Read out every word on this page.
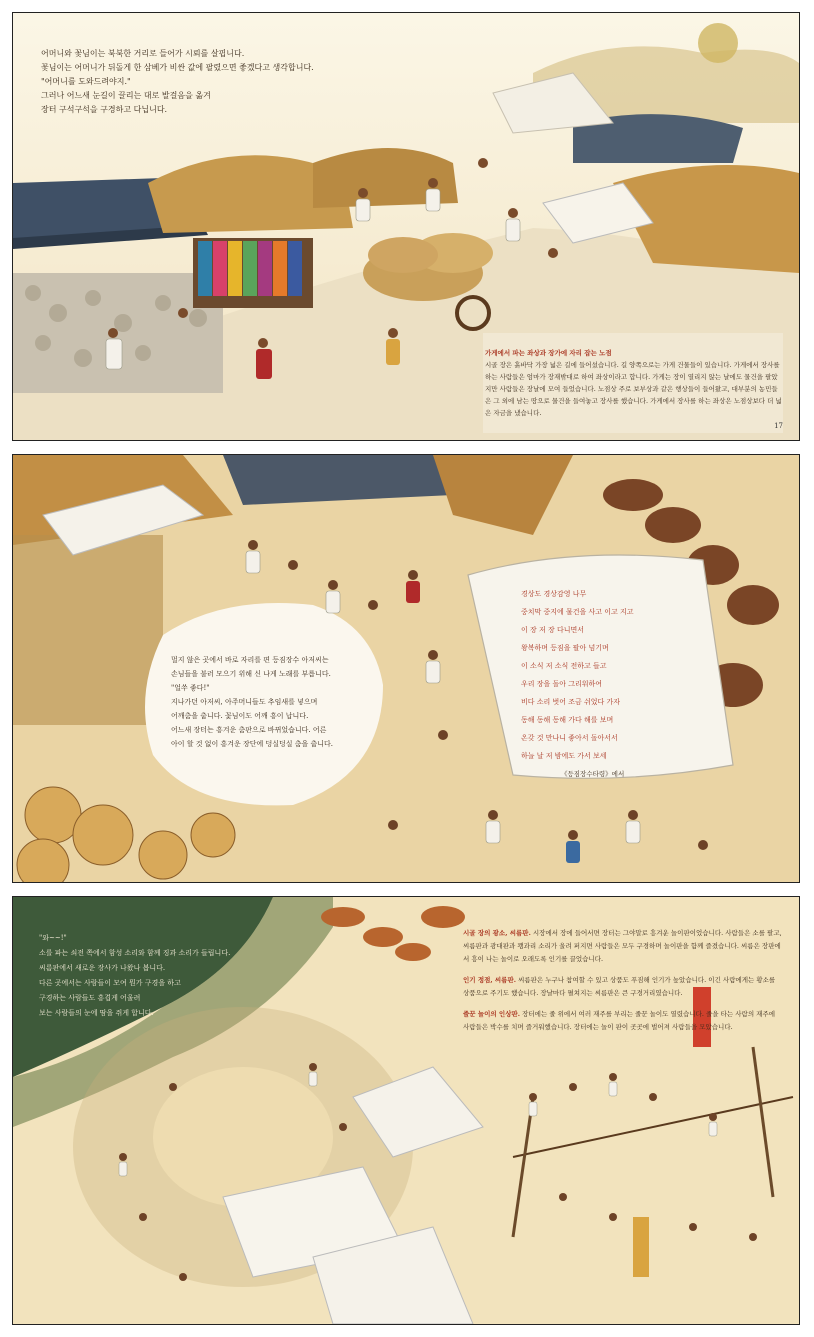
어머니와 꽃님이는 북북한 거리로 들어가 시뢰를 살핍니다.
꽃님이는 어머니가 뒤돌게 한 삼베가 비싼 값에 팔렸으면 좋겠다고 생각합니다.
"어머니를 도와드려야지."
그러나 어느새 눈길이 끌리는 대로 발걸음을 옮겨
장터 구석구석을 구경하고 다닙니다.

가게에서 파는 좌상과 장가에 자리 잡는 노점
시골 장은 흙바닥 가장 넓은 길에 들어섰습니다. 길 양쪽으로는 가게 건물들이 있습니다. 가게에서 장사를 하는 사람들은 엄마가 장재밖대로 하여 좌상이라고 합니다. 가게는 장이 열리지 않는 날에도 물건을 팔았지만 사람들은 장날에 모여 들었습니다. 노점상 주로 보부상과 같은 행상들이 들어왔고, 대부분의 농민들은 그 외에 남는 땅으로 물건을 들여놓고 장사를 했습니다. 가게에서 장사를 하는 좌상은 노점상보다 더 넓은 자금을 냈습니다.

17
멀지 않은 곳에서 바로 자리를 편 등짐장수 아저씨는
손님들을 불러 모으기 위해 신 나게 노래를 부릅니다.
"얼쑤 좋다!"
지나가던 아저씨, 아주머니들도 추임새를 넣으며
어깨춤을 춥니다. 꽃님이도 어깨 흥이 납니다.
어느새 장터는 흥겨운 춤판으로 바뀌었습니다. 어른
아이 할 것 없이 흥겨운 장단에 덩실덩실 춤을 춥니다.
경상도 경상감영 나무
중치막 중지에 물건을 사고 이고 지고
이 장 저 장 다니면서
왕복하며 등짐을 팔아 넘기며
이 소식 저 소식 전하고 들고
우리 장을 돌아 그리워하여
비다 소리 벗어 조금 쉬었다 가자
동해 동해 동해 가다 해를 보며
온갖 것 만나니 좋아서 돌아서서
하늘 날 저 밤에도 가서 보세
《등짐장수타령》에서
"와~~!"
소를 파는 쇠전 쪽에서 함성 소리와 함께 징과 소리가 들립니다.
씨름판에서 새로운 장사가 나왔나 봅니다.
다른 곳에서는 사람들이 모여 뭔가 구경을 하고
구경하는 사람들도 흥겹게 어울려
보는 사람들의 눈에 땀을 쥐게 합니다.
시골 장의 광소, 씨름판. 시장에서 장에 들어서면 장터는 그야말로 흥겨운 놀이판이었습니다. 사람들은 소를 팔고, 씨름판과 광대판과 꽹과리 소리가 울려 퍼지면 사람들은 모두 구경하며 놀이판을 함께 즐겼습니다. 씨름은 장판에서 흥이 나는 놀이로 오래도록 인기를 끌었습니다.
인기 정점, 씨름판. 씨름판은 누구나 참여할 수 있고 상품도 푸짐해 인기가 높았습니다. 이긴 사람에게는 황소를 상품으로 주기도 했습니다. 장날마다 펼쳐지는 씨름판은 큰 구경거리였습니다.
줄꾼 놀이의 인상판. 장터에는 줄 위에서 여러 재주를 부리는 줄꾼 놀이도 열렸습니다. 줄을 타는 사람의 재주에 사람들은 박수를 치며 즐거워했습니다. 장터에는 놀이 판이 곳곳에 벌어져 사람들을 모았습니다.
